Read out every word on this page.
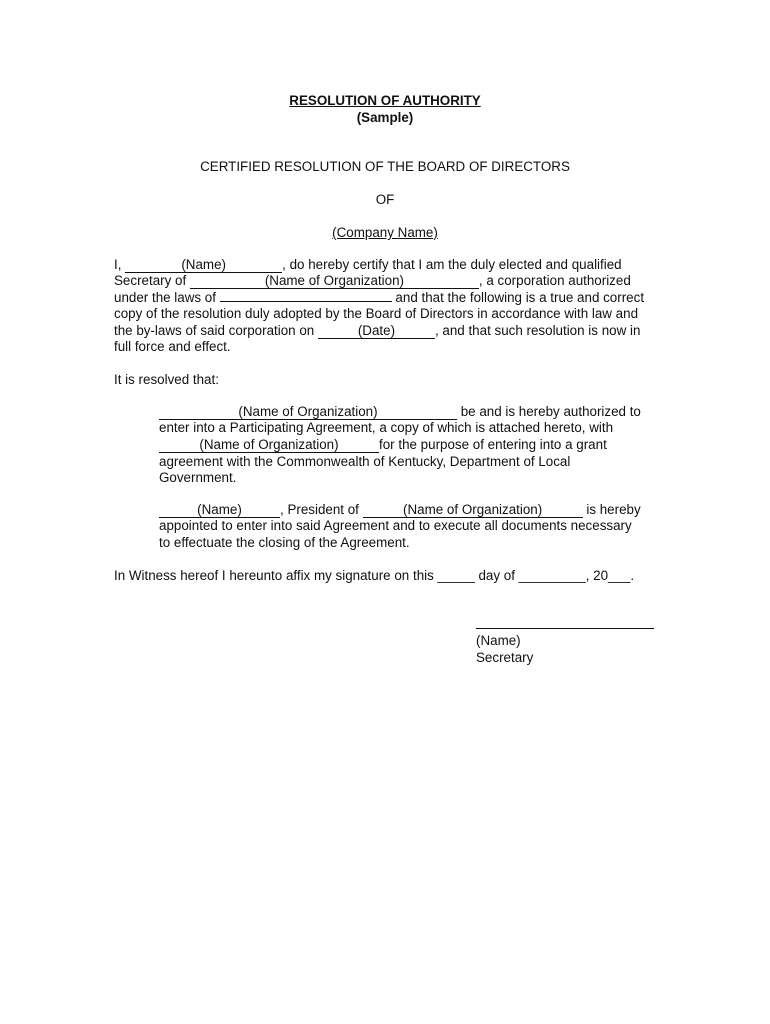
RESOLUTION OF AUTHORITY
(Sample)
CERTIFIED RESOLUTION OF THE BOARD OF DIRECTORS
OF
(Company Name)
I,	(Name)	, do hereby certify that I am the duly elected and qualified
Secretary of	(Name of Organization)	, a corporation authorized
under the laws of	and that the following is a true and correct
copy of the resolution duly adopted by the Board of Directors in accordance with law and
the by-laws of said corporation on	(Date)	, and that such resolution is now in
full force and effect.
It is resolved that:
(Name of Organization)	be and is hereby authorized to
enter into a Participating Agreement, a copy of which is attached hereto, with
(Name of Organization)	for the purpose of entering into a grant
agreement with the Commonwealth of Kentucky, Department of Local
Government.
(Name)	, President of	(Name of Organization)	is hereby
appointed to enter into said Agreement and to execute all documents necessary
to effectuate the closing of the Agreement.
In Witness hereof I hereunto affix my signature on this _____ day of _________, 20___.
(Name)
Secretary
